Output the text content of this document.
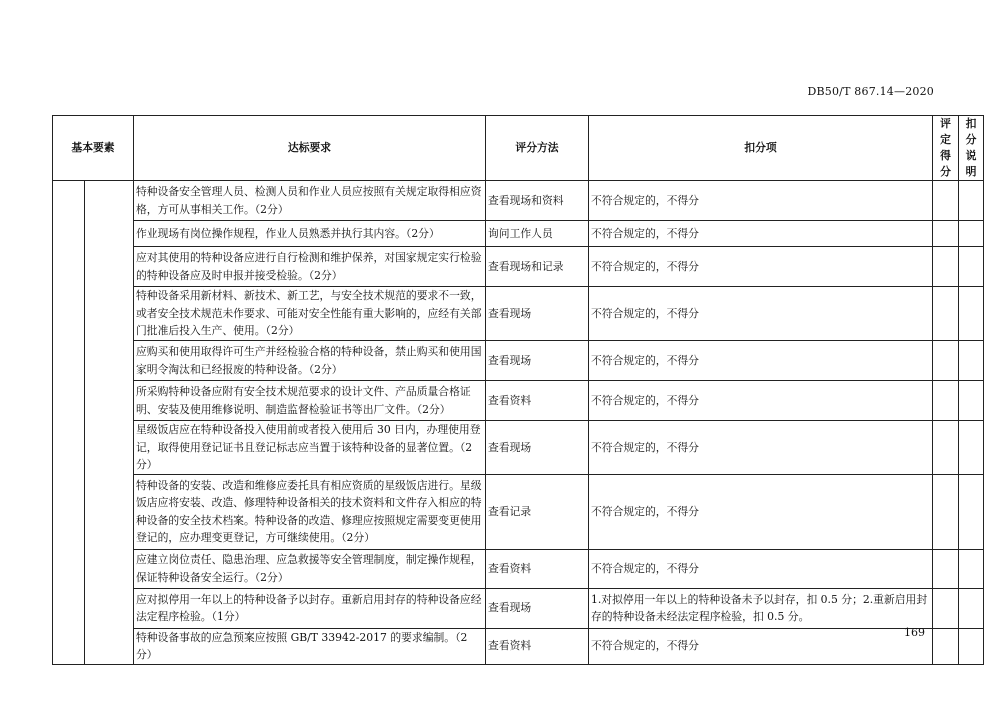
DB50/T 867.14—2020
基本要素		达标要求	评分方法	扣分项	评定得分	扣分说明
		特种设备安全管理人员、检测人员和作业人员应按照有关规定取得相应资格，方可从事相关工作。（2分）	查看现场和资料	不符合规定的，不得分		
		作业现场有岗位操作规程，作业人员熟悉并执行其内容。（2分）	询问工作人员	不符合规定的，不得分		
		应对其使用的特种设备应进行自行检测和维护保养，对国家规定实行检验的特种设备应及时申报并接受检验。（2分）	查看现场和记录	不符合规定的，不得分		
		特种设备采用新材料、新技术、新工艺，与安全技术规范的要求不一致，或者安全技术规范未作要求、可能对安全性能有重大影响的，应经有关部门批准后投入生产、使用。（2分）	查看现场	不符合规定的，不得分		
		应购买和使用取得许可生产并经检验合格的特种设备，禁止购买和使用国家明令淘汰和已经报废的特种设备。（2分）	查看现场	不符合规定的，不得分		
		所采购特种设备应附有安全技术规范要求的设计文件、产品质量合格证明、安装及使用维修说明、制造监督检验证书等出厂文件。（2分）	查看资料	不符合规定的，不得分		
		星级饭店应在特种设备投入使用前或者投入使用后 30 日内，办理使用登记，取得使用登记证书且登记标志应当置于该特种设备的显著位置。（2分）	查看现场	不符合规定的，不得分		
		特种设备的安装、改造和维修应委托具有相应资质的星级饭店进行。星级饭店应将安装、改造、修理特种设备相关的技术资料和文件存入相应的特种设备的安全技术档案。特种设备的改造、修理应按照规定需要变更使用登记的，应办理变更登记，方可继续使用。（2分）	查看记录	不符合规定的，不得分		
		应建立岗位责任、隐患治理、应急救援等安全管理制度，制定操作规程，保证特种设备安全运行。（2分）	查看资料	不符合规定的，不得分		
		应对拟停用一年以上的特种设备予以封存。重新启用封存的特种设备应经法定程序检验。（1分）	查看现场	1.对拟停用一年以上的特种设备未予以封存，扣 0.5 分；2.重新启用封存的特种设备未经法定程序检验，扣 0.5 分。		
		特种设备事故的应急预案应按照 GB/T 33942-2017 的要求编制。（2分）	查看资料	不符合规定的，不得分		
169
